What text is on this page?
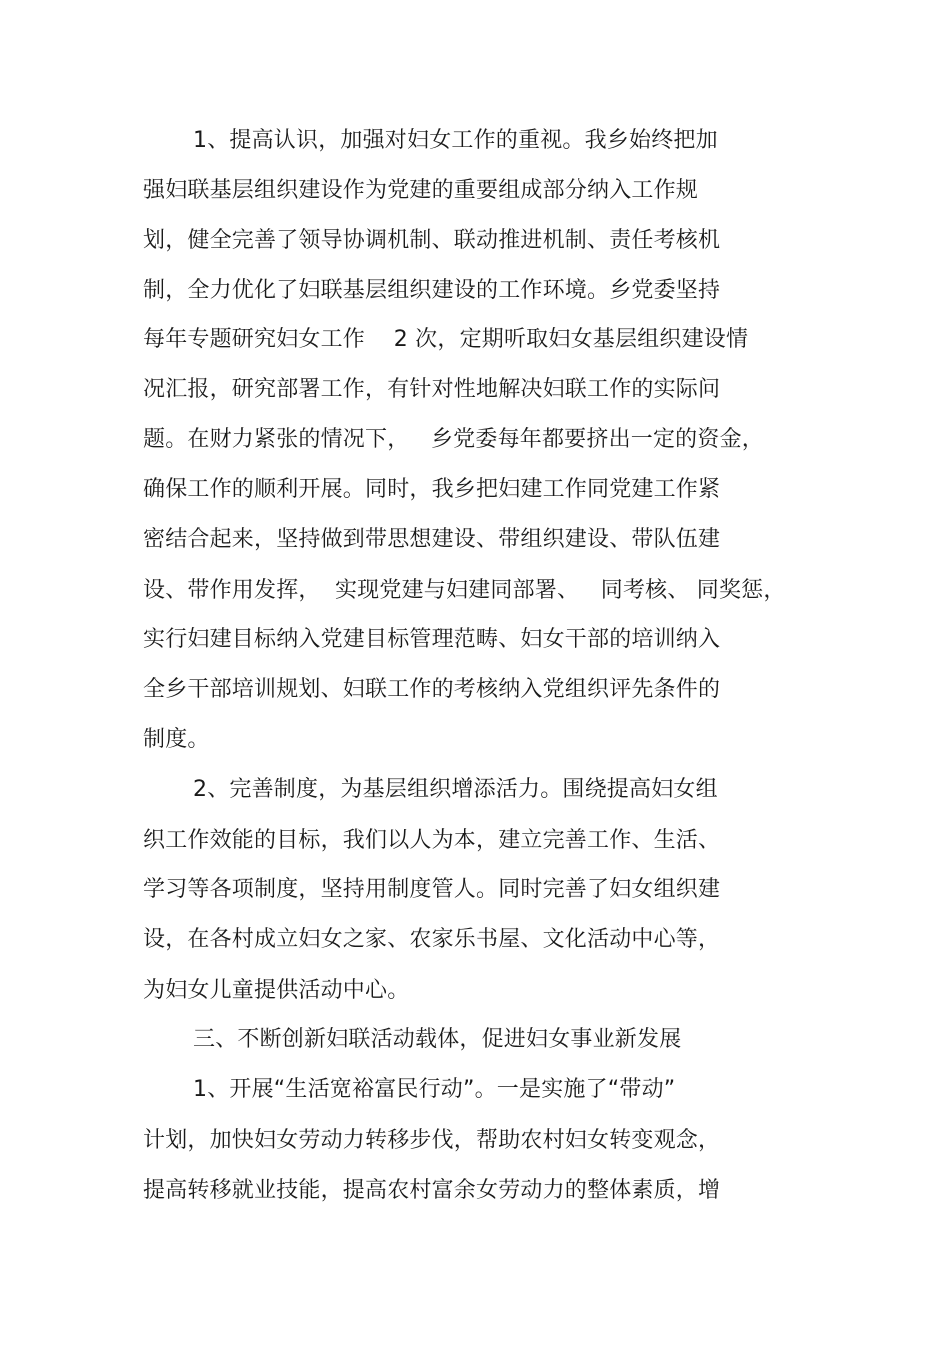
1、提高认识，加强对妇女工作的重视。我乡始终把加
强妇联基层组织建设作为党建的重要组成部分纳入工作规
划，健全完善了领导协调机制、联动推进机制、责任考核机
制，全力优化了妇联基层组织建设的工作环境。乡党委坚持
每年专题研究妇女工作    2 次，定期听取妇女基层组织建设情
况汇报，研究部署工作，有针对性地解决妇联工作的实际问
题。在财力紧张的情况下，   乡党委每年都要挤出一定的资金，
确保工作的顺利开展。同时，我乡把妇建工作同党建工作紧
密结合起来，坚持做到带思想建设、带组织建设、带队伍建
设、带作用发挥，  实现党建与妇建同部署、   同考核、 同奖惩，
实行妇建目标纳入党建目标管理范畴、妇女干部的培训纳入
全乡干部培训规划、妇联工作的考核纳入党组织评先条件的
制度。
2、完善制度，为基层组织增添活力。围绕提高妇女组
织工作效能的目标，我们以人为本，建立完善工作、生活、
学习等各项制度，坚持用制度管人。同时完善了妇女组织建
设，在各村成立妇女之家、农家乐书屋、文化活动中心等，
为妇女儿童提供活动中心。
三、不断创新妇联活动载体，促进妇女事业新发展
1、开展“生活宽裕富民行动”。一是实施了“带动”
计划，加快妇女劳动力转移步伐，帮助农村妇女转变观念，
提高转移就业技能，提高农村富余女劳动力的整体素质，增
